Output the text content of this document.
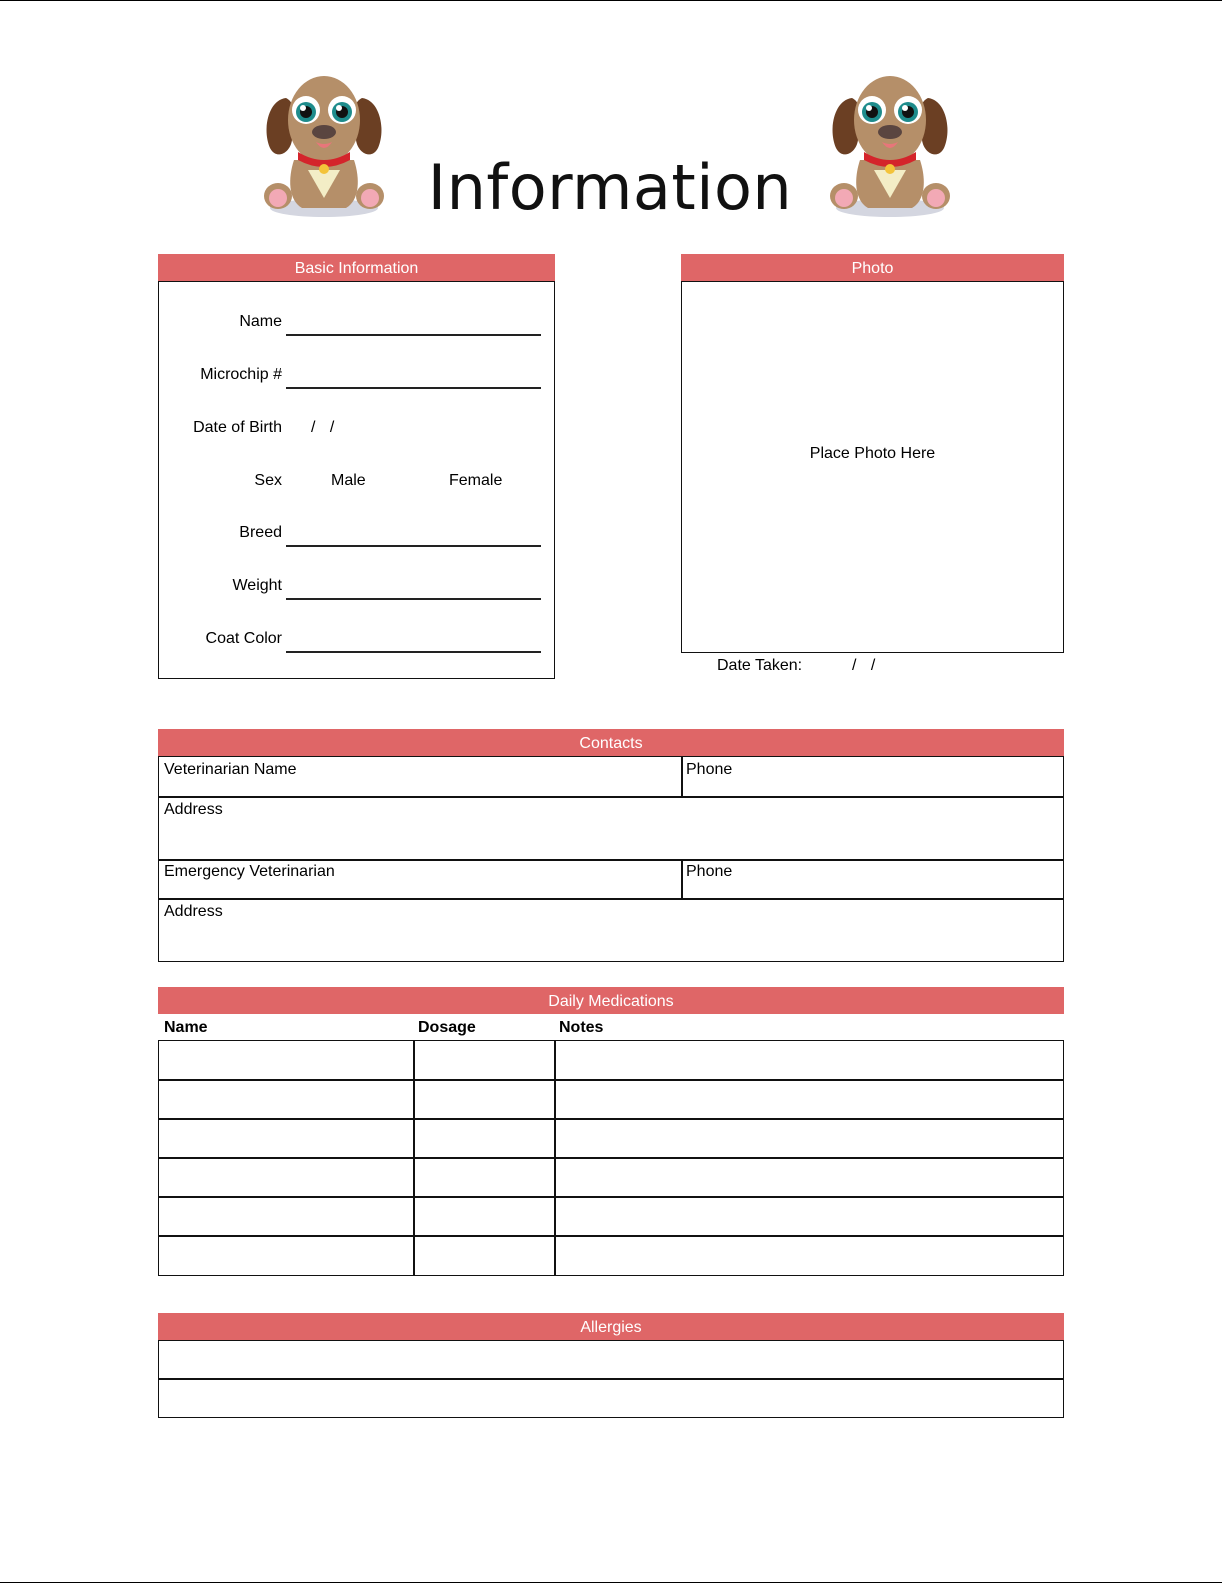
Information
Basic Information
Name
Microchip #
Date of Birth / /
Sex	Male	Female
Breed
Weight
Coat Color
Photo
Place Photo Here
Date Taken:	/ /
Contacts
Veterinarian Name	Phone
Address
Emergency Veterinarian	Phone
Address
Daily Medications
Name	Dosage	Notes
Allergies
